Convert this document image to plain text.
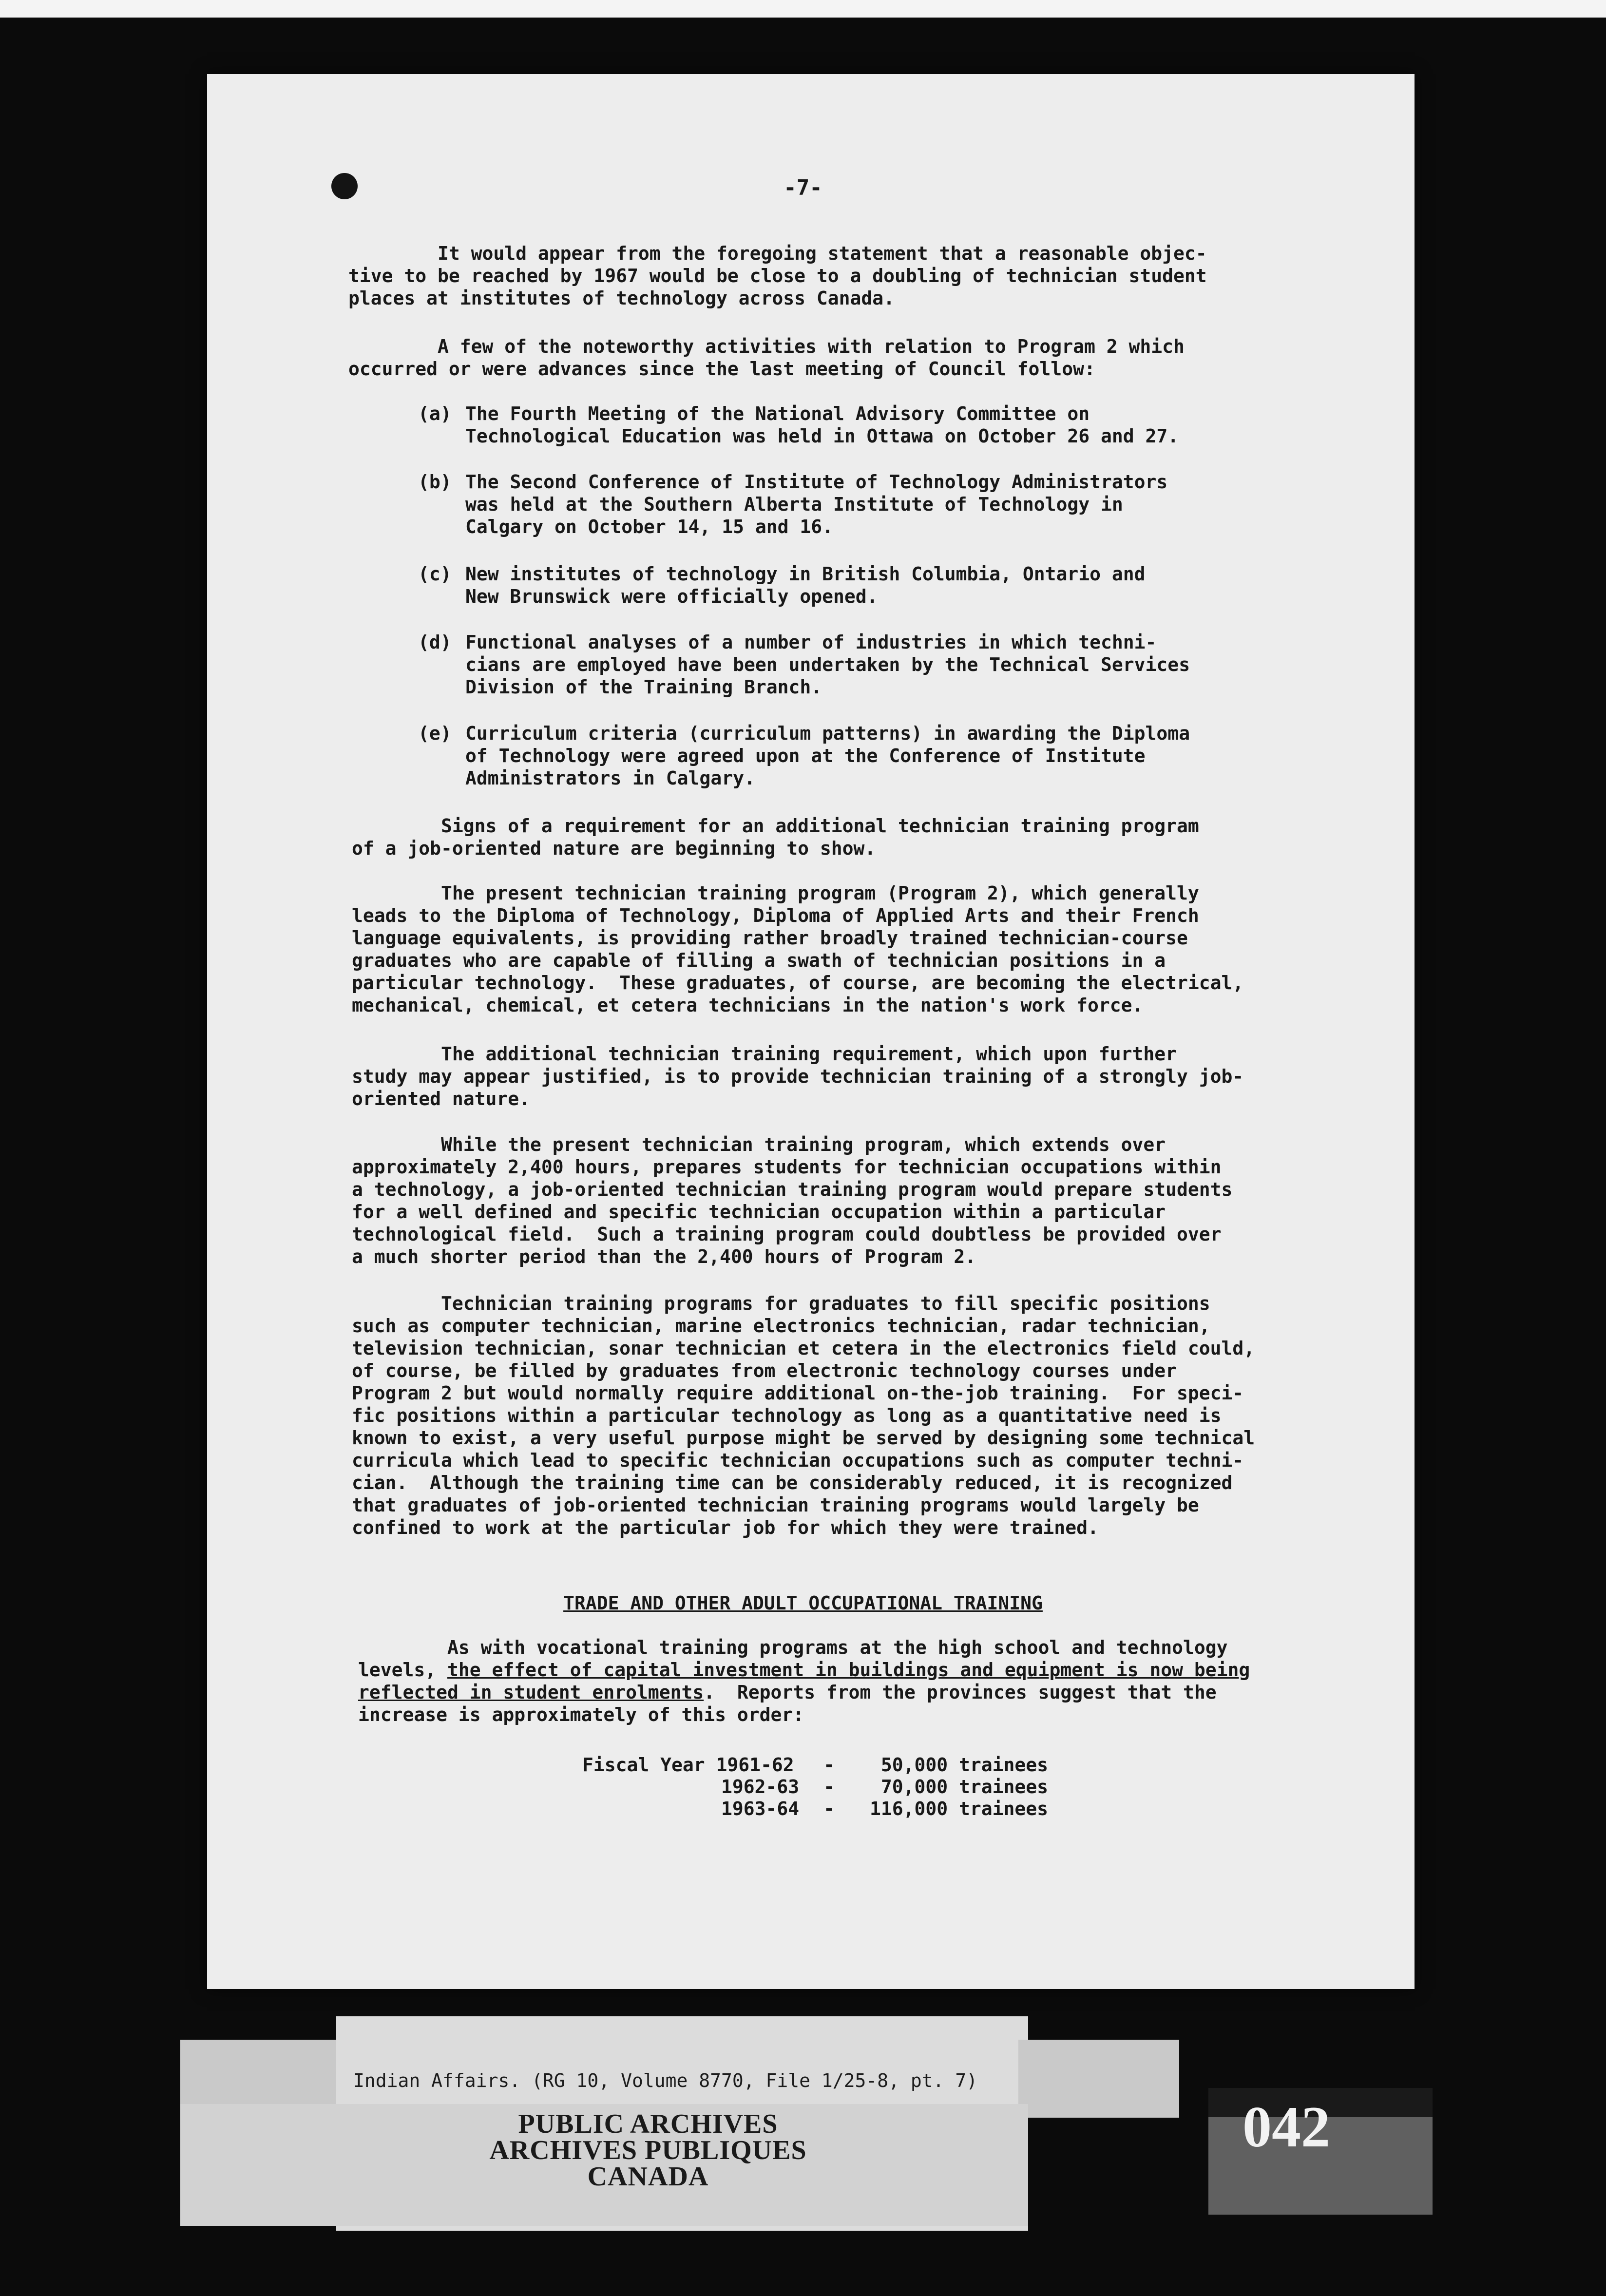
-7-
It would appear from the foregoing statement that a reasonable objec-
tive to be reached by 1967 would be close to a doubling of technician student
places at institutes of technology across Canada.
A few of the noteworthy activities with relation to Program 2 which
occurred or were advances since the last meeting of Council follow:
(a) The Fourth Meeting of the National Advisory Committee on
Technological Education was held in Ottawa on October 26 and 27.
(b) The Second Conference of Institute of Technology Administrators
was held at the Southern Alberta Institute of Technology in
Calgary on October 14, 15 and 16.
(c) New institutes of technology in British Columbia, Ontario and
New Brunswick were officially opened.
(d) Functional analyses of a number of industries in which techni-
cians are employed have been undertaken by the Technical Services
Division of the Training Branch.
(e) Curriculum criteria (curriculum patterns) in awarding the Diploma
of Technology were agreed upon at the Conference of Institute
Administrators in Calgary.
Signs of a requirement for an additional technician training program
of a job-oriented nature are beginning to show.
The present technician training program (Program 2), which generally
leads to the Diploma of Technology, Diploma of Applied Arts and their French
language equivalents, is providing rather broadly trained technician-course
graduates who are capable of filling a swath of technician positions in a
particular technology.  These graduates, of course, are becoming the electrical,
mechanical, chemical, et cetera technicians in the nation's work force.
The additional technician training requirement, which upon further
study may appear justified, is to provide technician training of a strongly job-
oriented nature.
While the present technician training program, which extends over
approximately 2,400 hours, prepares students for technician occupations within
a technology, a job-oriented technician training program would prepare students
for a well defined and specific technician occupation within a particular
technological field.  Such a training program could doubtless be provided over
a much shorter period than the 2,400 hours of Program 2.
Technician training programs for graduates to fill specific positions
such as computer technician, marine electronics technician, radar technician,
television technician, sonar technician et cetera in the electronics field could,
of course, be filled by graduates from electronic technology courses under
Program 2 but would normally require additional on-the-job training.  For speci-
fic positions within a particular technology as long as a quantitative need is
known to exist, a very useful purpose might be served by designing some technical
curricula which lead to specific technician occupations such as computer techni-
cian.  Although the training time can be considerably reduced, it is recognized
that graduates of job-oriented technician training programs would largely be
confined to work at the particular job for which they were trained.
TRADE AND OTHER ADULT OCCUPATIONAL TRAINING
As with vocational training programs at the high school and technology
levels, the effect of capital investment in buildings and equipment is now being
reflected in student enrolments.  Reports from the provinces suggest that the
increase is approximately of this order:
Fiscal Year 1961-62 - 50,000 trainees
1962-63 - 70,000 trainees
1963-64 - 116,000 trainees
Indian Affairs. (RG 10, Volume 8770, File 1/25-8, pt. 7)
PUBLIC ARCHIVES
ARCHIVES PUBLIQUES
CANADA
042
